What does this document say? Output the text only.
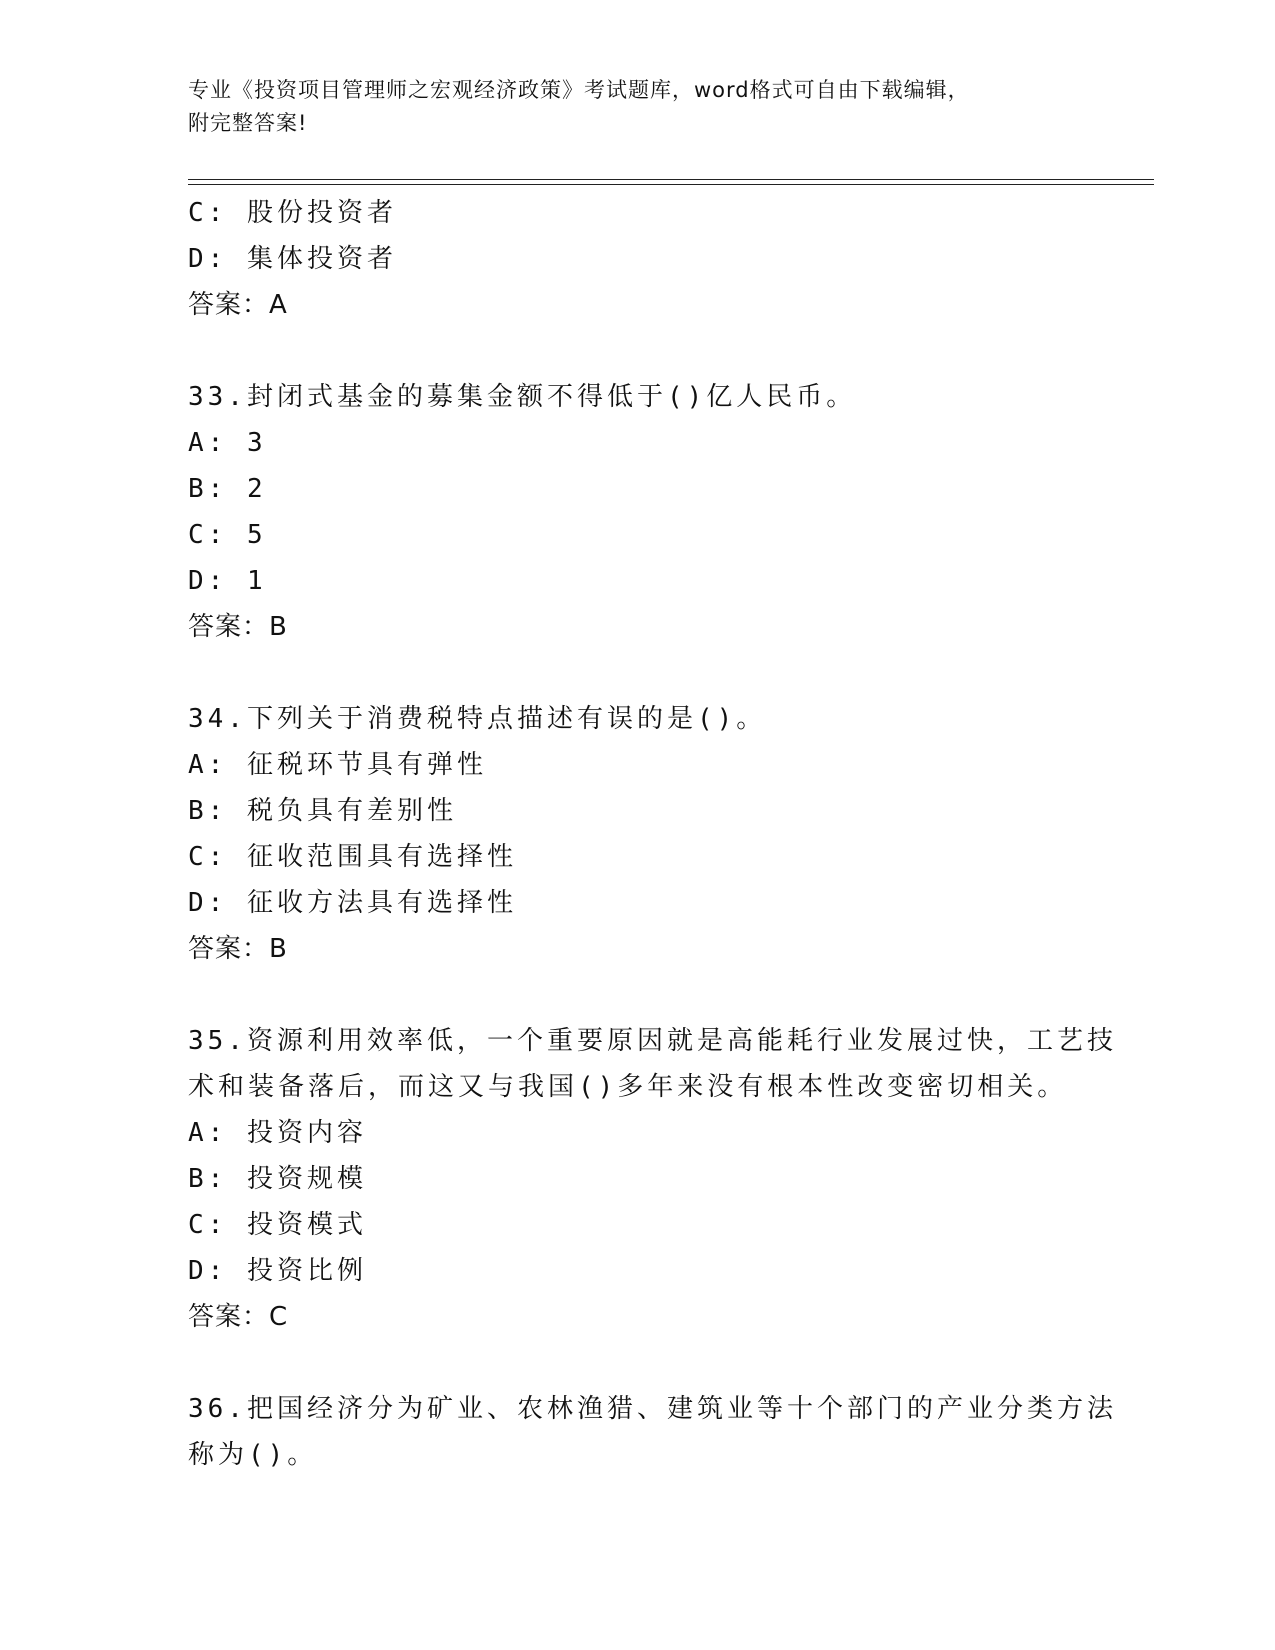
专业《投资项目管理师之宏观经济政策》考试题库，word格式可自由下载编辑，
附完整答案!
C: 股份投资者
D: 集体投资者
答案：A
33.封闭式基金的募集金额不得低于()亿人民币。
A: 3
B: 2
C: 5
D: 1
答案：B
34.下列关于消费税特点描述有误的是()。
A: 征税环节具有弹性
B: 税负具有差别性
C: 征收范围具有选择性
D: 征收方法具有选择性
答案：B
35.资源利用效率低，一个重要原因就是高能耗行业发展过快，工艺技
术和装备落后，而这又与我国()多年来没有根本性改变密切相关。
A: 投资内容
B: 投资规模
C: 投资模式
D: 投资比例
答案：C
36.把国经济分为矿业、农林渔猎、建筑业等十个部门的产业分类方法
称为()。
